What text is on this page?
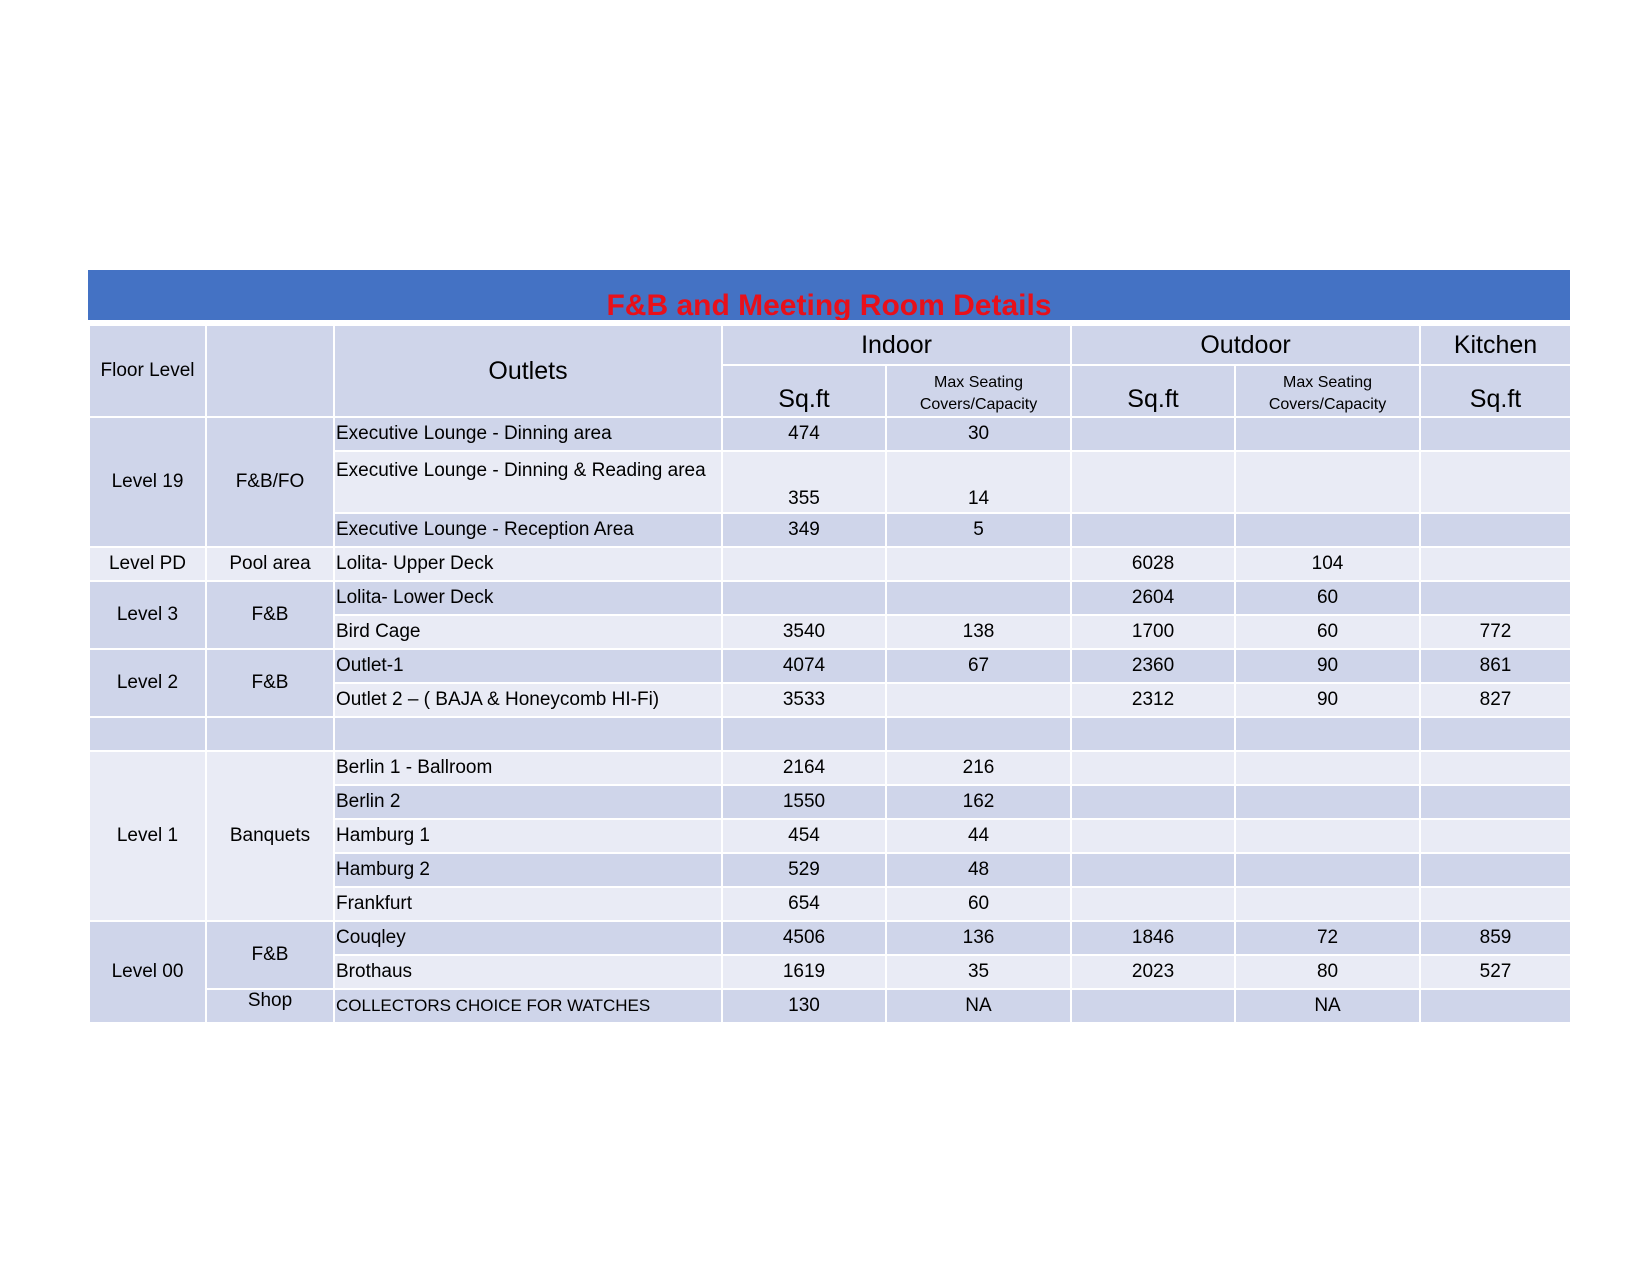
F&B and Meeting Room Details
Floor Level		Outlets	Indoor		Outdoor		Kitchen
			Sq.ft	Max Seating Covers/Capacity	Sq.ft	Max Seating Covers/Capacity	Sq.ft
Level 19	F&B/FO	Executive Lounge - Dinning area	474	30			
		Executive Lounge - Dinning & Reading area	355	14			
		Executive Lounge - Reception Area	349	5			
Level PD	Pool area	Lolita- Upper Deck			6028	104	
Level 3	F&B	Lolita- Lower Deck			2604	60	
		Bird Cage	3540	138	1700	60	772
Level 2	F&B	Outlet-1	4074	67	2360	90	861
		Outlet 2 – ( BAJA & Honeycomb HI-Fi)	3533		2312	90	827

Level 1	Banquets	Berlin 1 - Ballroom	2164	216			
		Berlin 2	1550	162			
		Hamburg 1	454	44			
		Hamburg 2	529	48			
		Frankfurt	654	60			
Level 00	F&B	Couqley	4506	136	1846	72	859
		Brothaus	1619	35	2023	80	527
	Shop	COLLECTORS CHOICE FOR WATCHES	130	NA		NA	
